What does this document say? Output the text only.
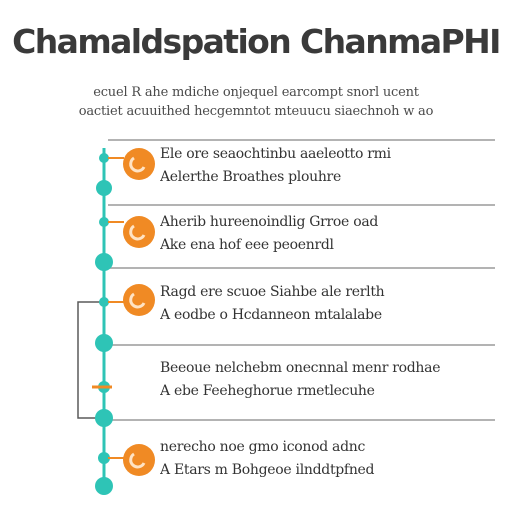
Chamaldspation ChanmaPHI
ecuel R ahe mdiche onjequel earcompt snorl ucent
oactiet acuuithed hecgemntot mteuucu siaechnoh w ao
Ele ore seaochtinbu aaeleotto rmi
Aelerthe Broathes plouhre
Aherib hureenoindlig Grroe oad
Ake ena hof eee peoenrdl
Ragd ere scuoe Siahbe ale rerlth
A eodbe o Hcdanneon mtalalabe
Beeoue nelchebm onecnnal menr rodhae
A ebe Feeheghorue rmetlecuhe
nerecho noe gmo iconod adnc
A Etars m Bohgeoe ilnddtpfned
